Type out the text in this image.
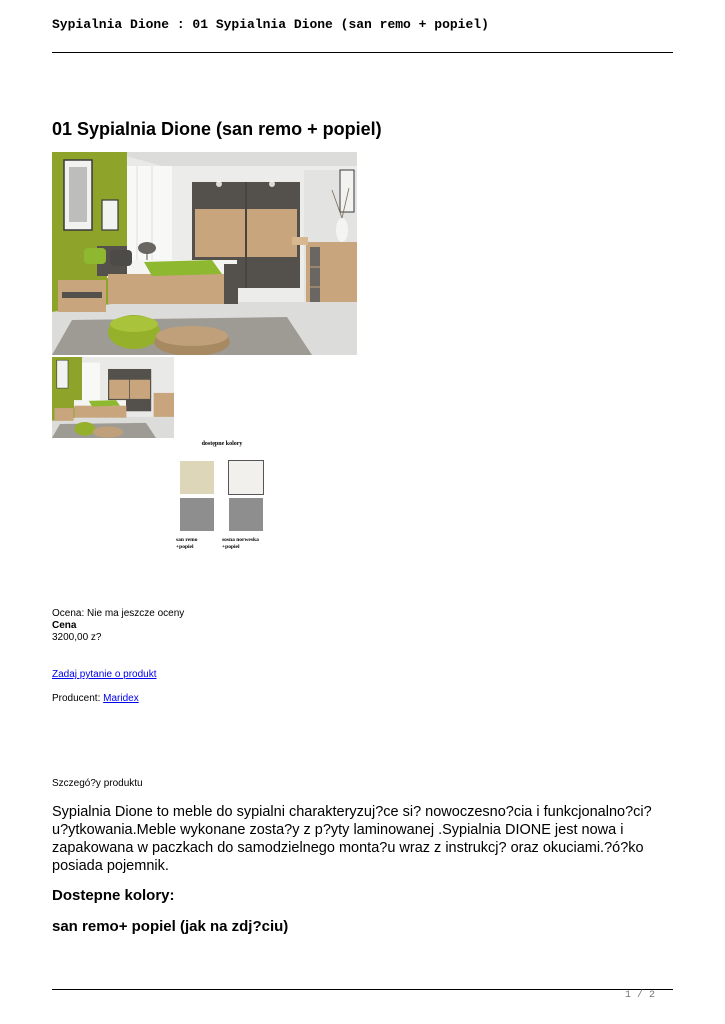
Sypialnia Dione : 01 Sypialnia Dione (san remo + popiel)
01 Sypialnia Dione (san remo + popiel)
dostępne kolory
san remo
+popiel
sosna norweska
+popiel
Ocena: Nie ma jeszcze oceny
Cena
3200,00 z?
Zadaj pytanie o produkt
Producent: Maridex
Szczegó?y produktu

Sypialnia Dione to meble do sypialni charakteryzuj?ce si? nowoczesno?cia i funkcjonalno?ci? u?ytkowania.Meble wykonane zosta?y z p?yty laminowanej .Sypialnia DIONE jest nowa i zapakowana w paczkach do samodzielnego monta?u wraz z instrukcj? oraz okuciami.?ó?ko posiada pojemnik.

Dostepne kolory:
san remo+ popiel (jak na zdj?ciu)
1 / 2
